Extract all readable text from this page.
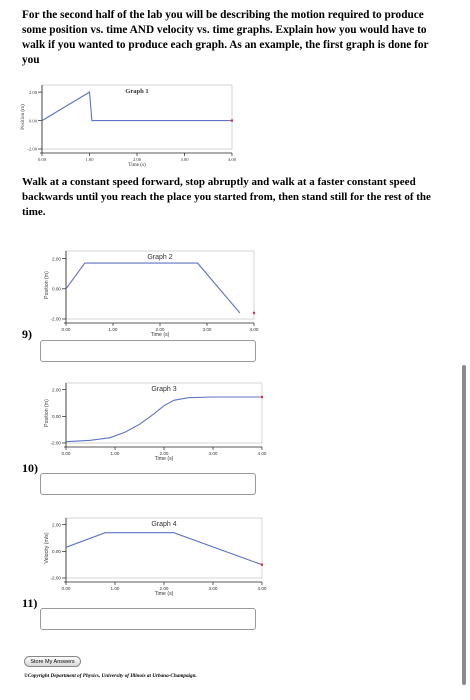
For the second half of the lab you will be describing the motion required to produce some position vs. time AND velocity vs. time graphs. Explain how you would have to walk if you wanted to produce each graph. As an example, the first graph is done for you
2.00
0.00
-2.00
0.00	1.00	2.00	3.00	4.00
Time (s)
Position (m)
Graph 1
Walk at a constant speed forward, stop abruptly and walk at a faster constant speed backwards until you reach the place you started from, then stand still for the rest of the time.
2.00
0.00
-2.00
0.00	1.00	2.00	3.00	4.00
Time (s)
Position (m)
Graph 2
9)
2.00
0.00
-2.00
0.00	1.00	2.00	3.00	4.00
Time (s)
Position (m)
Graph 3
10)
2.00
0.00
-2.00
0.00	1.00	2.00	3.00	4.00
Time (s)
Velocity (m/s)
Graph 4
11)
Store My Answers
©Copyright Department of Physics, University of Illinois at Urbana-Champaign.
